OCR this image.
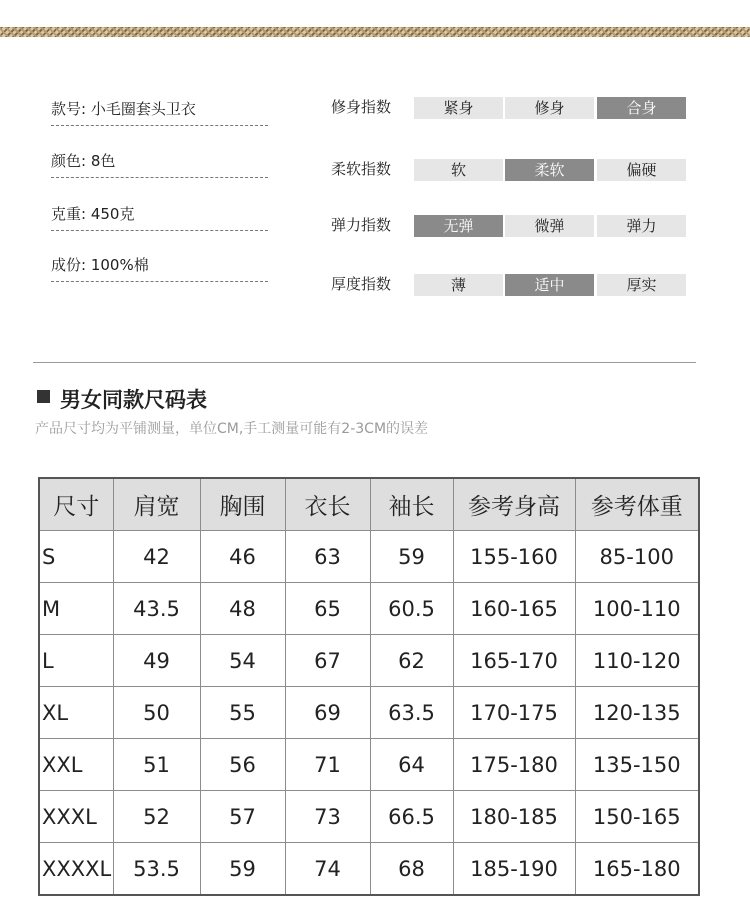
款号: 小毛圈套头卫衣
颜色: 8色
克重: 450克
成份: 100%棉
修身指数	紧身	修身	合身
柔软指数	软	柔软	偏硬
弹力指数	无弹	微弹	弹力
厚度指数	薄	适中	厚实
男女同款尺码表
产品尺寸均为平铺测量，单位CM,手工测量可能有2-3CM的误差
尺寸	肩宽	胸围	衣长	袖长	参考身高	参考体重
S	42	46	63	59	155-160	85-100
M	43.5	48	65	60.5	160-165	100-110
L	49	54	67	62	165-170	110-120
XL	50	55	69	63.5	170-175	120-135
XXL	51	56	71	64	175-180	135-150
XXXL	52	57	73	66.5	180-185	150-165
XXXXL	53.5	59	74	68	185-190	165-180
